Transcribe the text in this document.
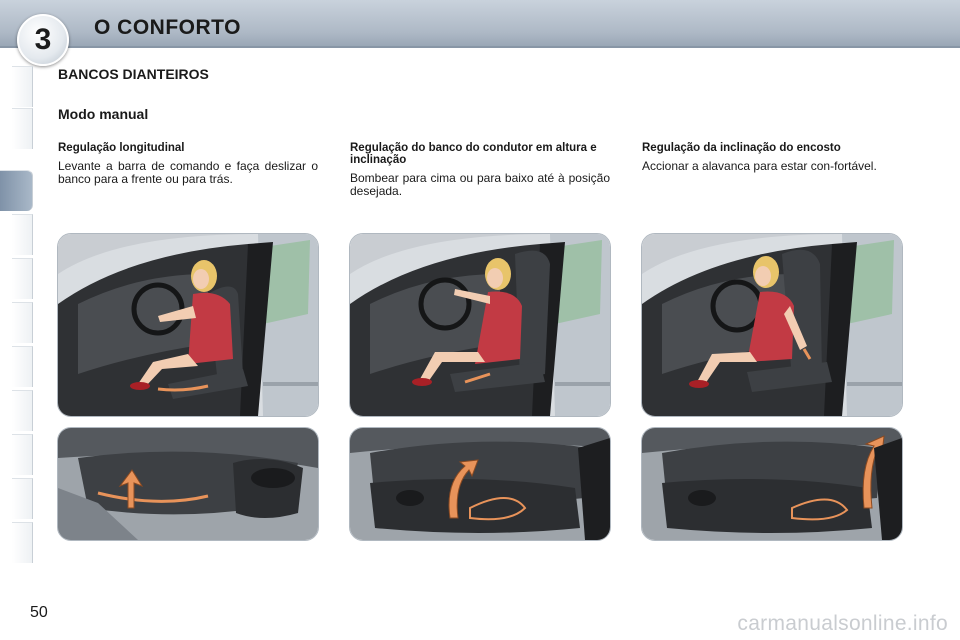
3 O CONFORTO
BANCOS DIANTEIROS
Modo manual
Regulação longitudinal

Levante a barra de comando e faça deslizar o banco para a frente ou para trás.

Regulação do banco do condutor em altura e inclinação

Bombear para cima ou para baixo até à posição desejada.

Regulação da inclinação do encosto

Accionar a alavanca para estar con-fortável.

50	carmanualsonline.info
